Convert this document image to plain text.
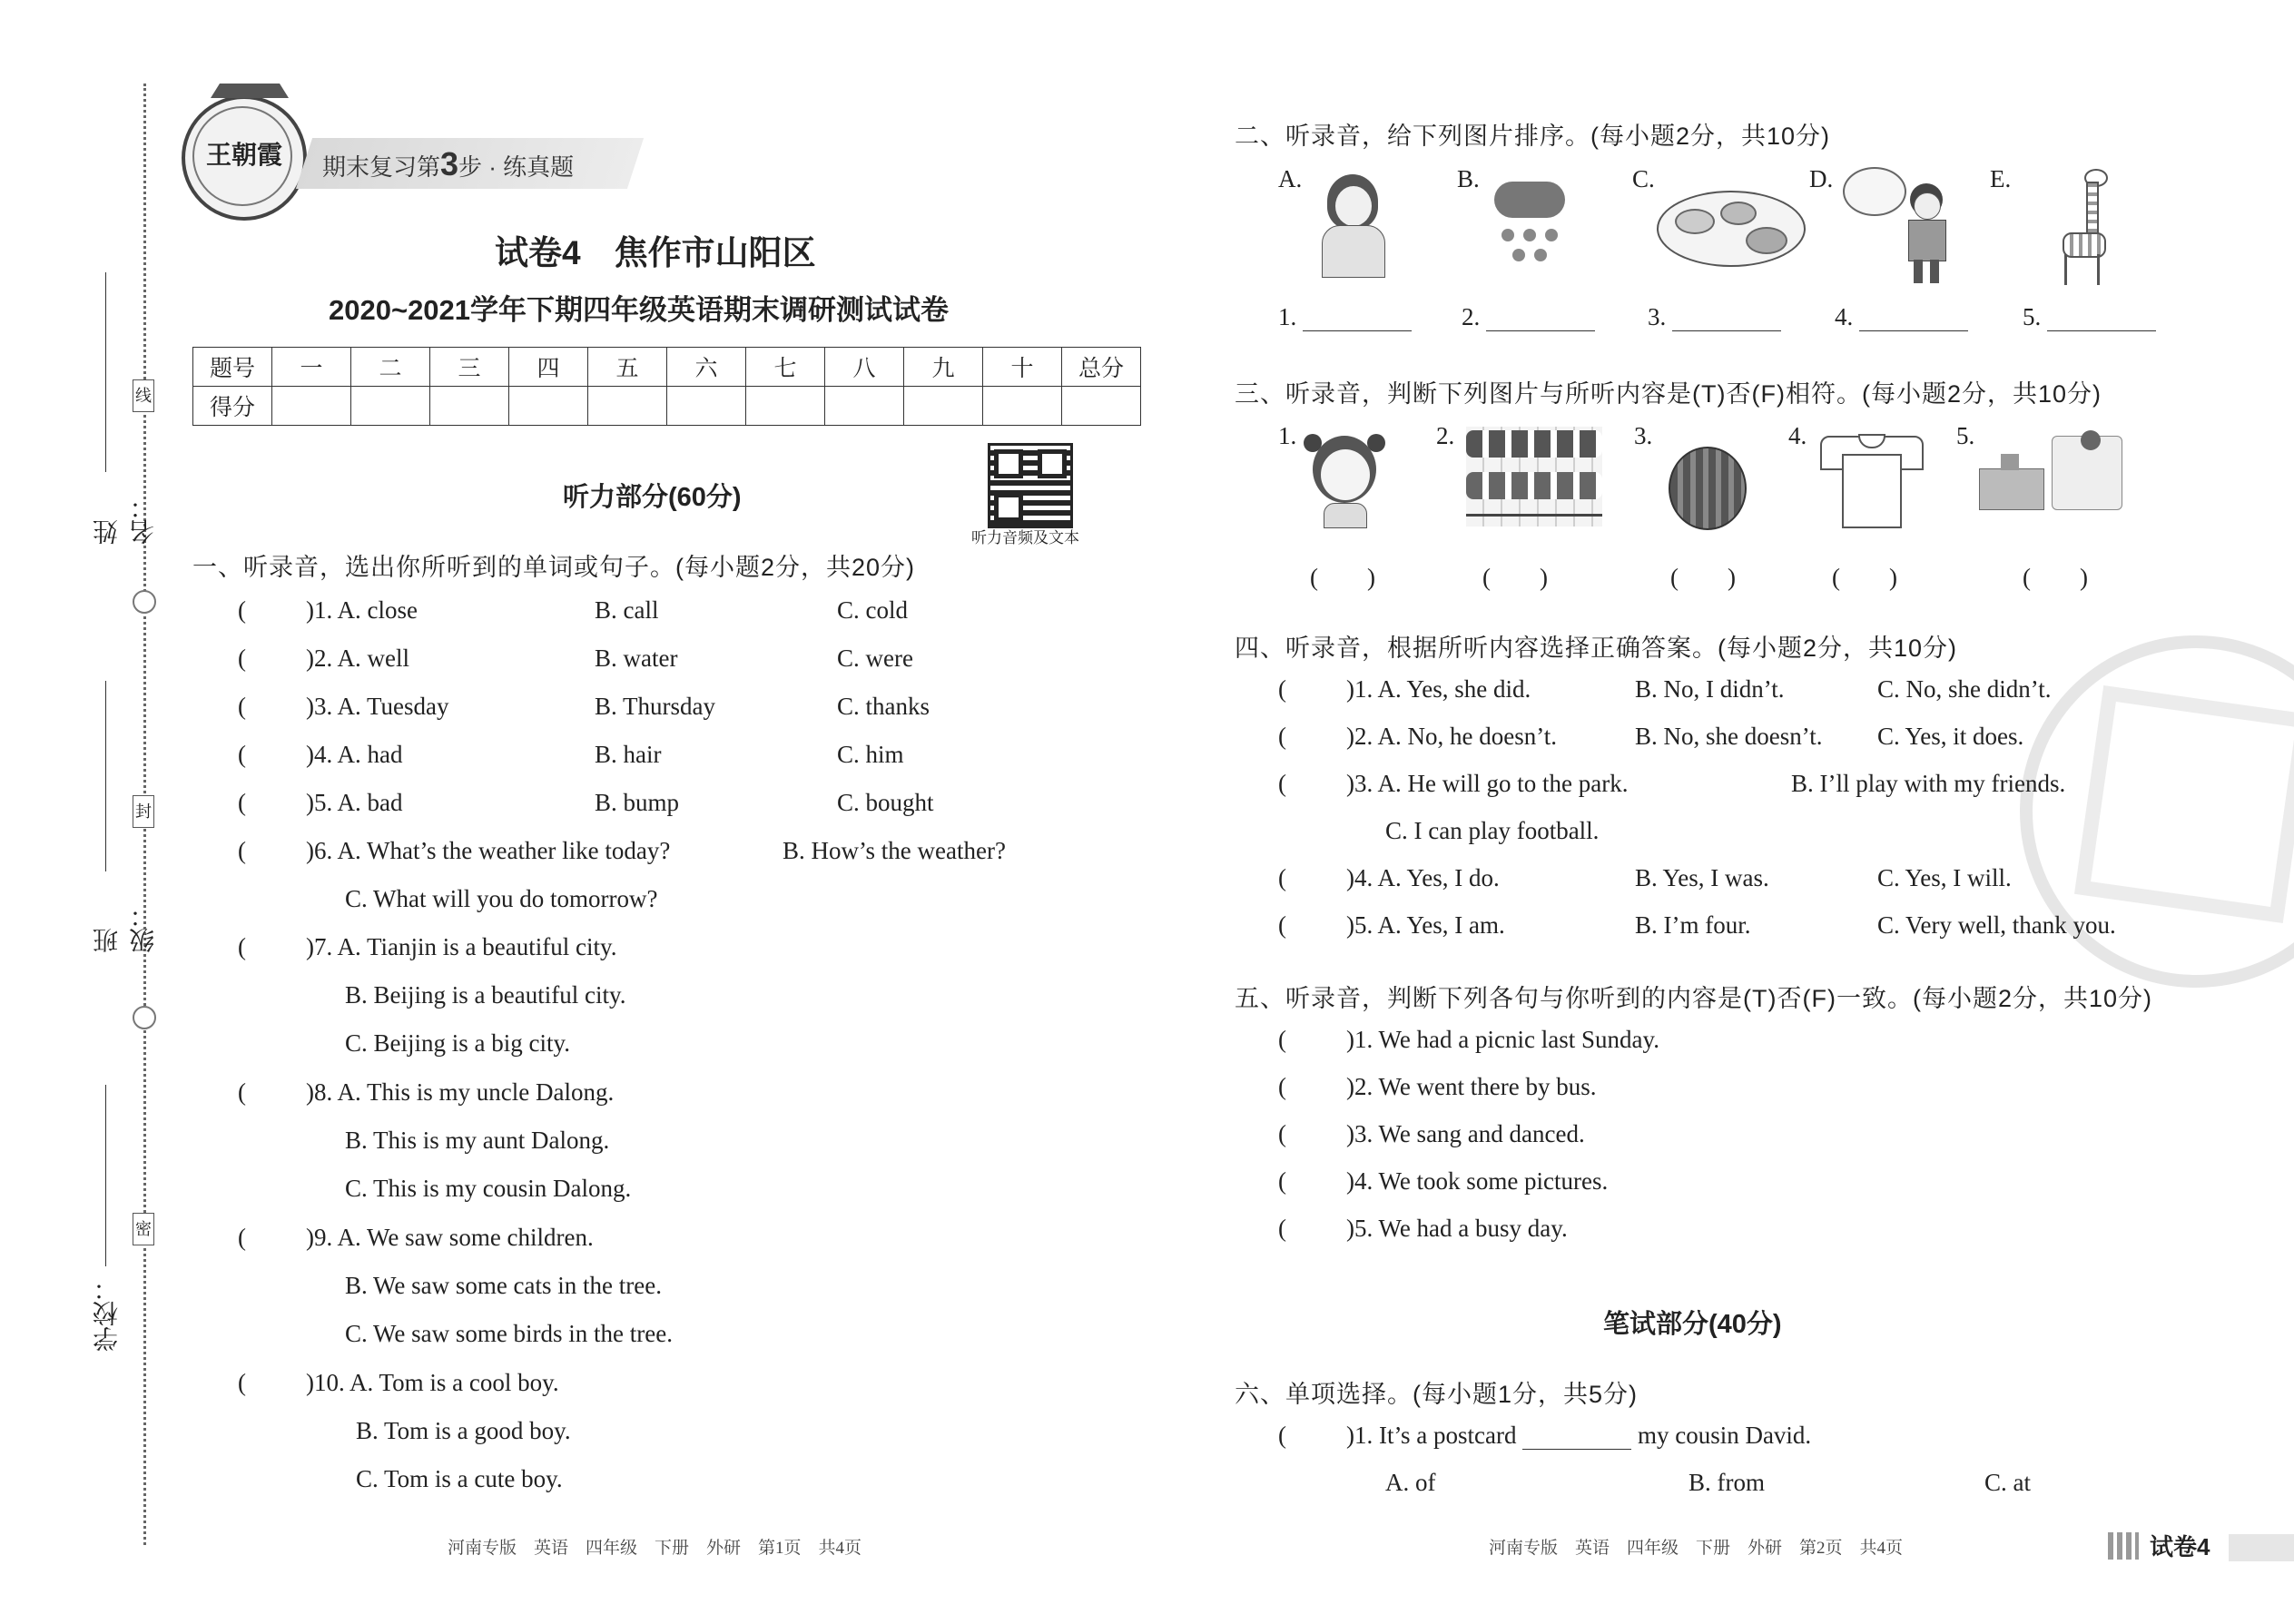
线
封
密
姓名：
班级：
学校：
王朝霞	期末复习第3步 · 练真题
试卷4　焦作市山阳区
2020~2021学年下期四年级英语期末调研测试试卷
题号	一	二	三	四	五	六	七	八	九	十	总分
得分											
听力音频及文本
听力部分(60分)
一、听录音，选出你所听到的单词或句子。(每小题2分，共20分)
( )1. A. close	B. call	C. cold
( )2. A. well	B. water	C. were
( )3. A. Tuesday	B. Thursday	C. thanks
( )4. A. had	B. hair	C. him
( )5. A. bad	B. bump	C. bought
( )6. A. What’s the weather like today?	B. How’s the weather?
C. What will you do tomorrow?
( )7. A. Tianjin is a beautiful city.
B. Beijing is a beautiful city.
C. Beijing is a big city.
( )8. A. This is my uncle Dalong.
B. This is my aunt Dalong.
C. This is my cousin Dalong.
( )9. A. We saw some children.
B. We saw some cats in the tree.
C. We saw some birds in the tree.
( )10. A. Tom is a cool boy.
B. Tom is a good boy.
C. Tom is a cute boy.
河南专版　英语　四年级　下册　外研　第1页　共4页
二、听录音，给下列图片排序。(每小题2分，共10分)
A.	B.	C.	D.	E.
1.	2.	3.	4.	5.
三、听录音，判断下列图片与所听内容是(T)否(F)相符。(每小题2分，共10分)
1.	2.	3.	4.	5.
(　　)	(　　)	(　　)	(　　)	(　　)
四、听录音，根据所听内容选择正确答案。(每小题2分，共10分)
( )1. A. Yes, she did.	B. No, I didn’t.	C. No, she didn’t.
( )2. A. No, he doesn’t.	B. No, she doesn’t. C. Yes, it does.
( )3. A. He will go to the park.	B. I’ll play with my friends.
C. I can play football.
( )4. A. Yes, I do.	B. Yes, I was.	C. Yes, I will.
( )5. A. Yes, I am.	B. I’m four.	C. Very well, thank you.
五、听录音，判断下列各句与你听到的内容是(T)否(F)一致。(每小题2分，共10分)
( )1. We had a picnic last Sunday.
( )2. We went there by bus.
( )3. We sang and danced.
( )4. We took some pictures.
( )5. We had a busy day.
笔试部分(40分)
六、单项选择。(每小题1分，共5分)
( )1. It’s a postcard	my cousin David.
A. of	B. from	C. at
河南专版　英语　四年级　下册　外研　第2页　共4页	试卷4
